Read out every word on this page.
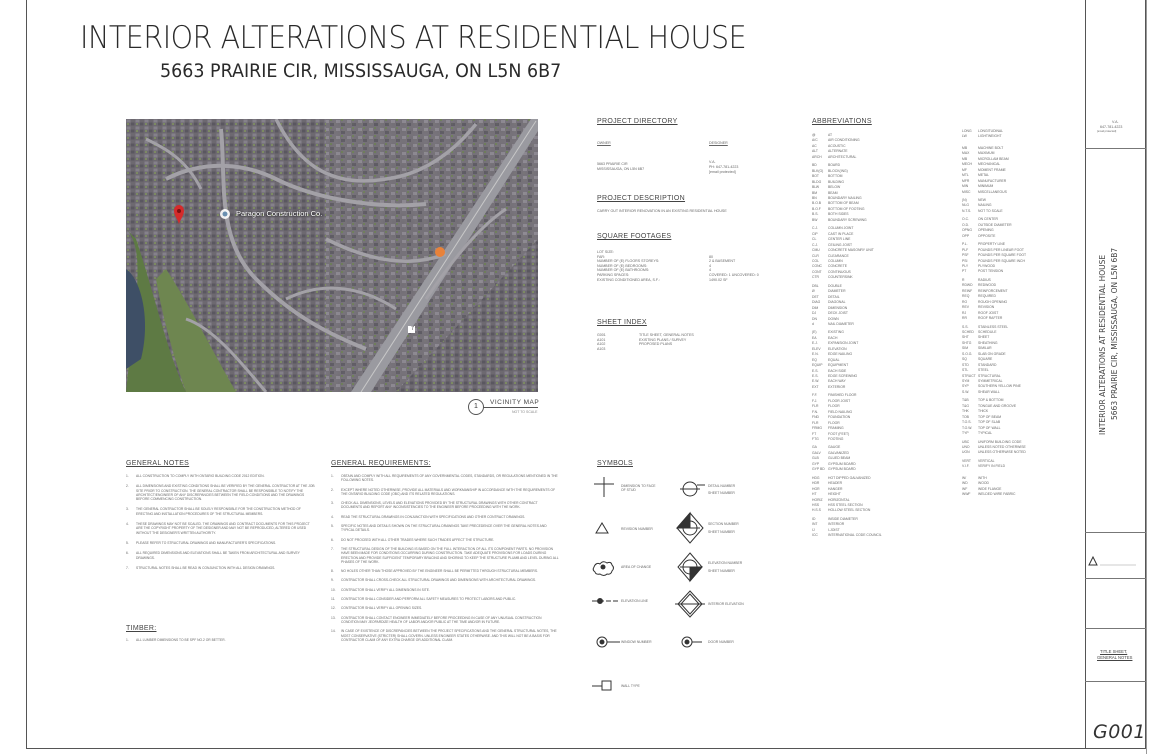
INTERIOR ALTERATIONS AT RESIDENTIAL HOUSE
5663 PRAIRIE CIR, MISSISSAUGA, ON L5N 6B7
Paragon Construction Co.
7
1
VICINITY MAP
NOT TO SCALE
PROJECT DIRECTORY
OWNER	DESIGNER
5663 PRAIRIE CIR
MISSISSAUGA, ON L5N 6B7
V.A.
PH: 647-781-4223
[email protected]
PROJECT DESCRIPTION
CARRY OUT INTERIOR RENOVATION IN AN EXISTING RESIDENTIAL HOUSE
SQUARE FOOTAGES
LOT SIZE:
FAR:	80
NUMBER OF (E) FLOORS STOREYS:	2 & BASEMENT
NUMBER OF (E) BEDROOMS:	4
NUMBER OF (E) BATHROOMS:	4
PARKING SPACES:	COVERED: 1 UNCOVERED: 0
EXISTING CONDITIONED AREA, S.F.:	1490.02 SF
SHEET INDEX
G001	TITLE SHEET, GENERAL NOTES
A101	EXISTING PLANS / SURVEY
A102	PROPOSED PLANS
A103
ABBREVIATIONS
@	AT
A/C	AIR CONDITIONING
AC	ACOUSTIC
ALT	ALTERNATE
ARCH	ARCHITECTURAL
BD	BOARD
BLK(G)	BLOCK(ING)
BOT	BOTTOM
BLDG	BUILDING
BLW	BELOW
BM	BEAM
BN	BOUNDARY NAILING
B.O.B	BOTTOM OF BEAM
B.O.F	BOTTOM OF FOOTING
B.S.	BOTH SIDES
BW	BOUNDARY SCREWING
C.J.	COLUMN JOINT
CIP	CAST IN PLACE
CL	CENTER LINE
C.J.	CEILING JOIST
CMU	CONCRETE MASONRY UNIT
CLR	CLEARANCE
COL	COLUMN
CONC	CONCRETE
CONT	CONTINUOUS
CTR	COUNTERSINK
DBL	DOUBLE
Ø	DIAMETER
DET	DETAIL
DIAG	DIAGONAL
DIM	DIMENSION
DJ	DECK JOIST
DN	DOWN
d	NAIL DIAMETER
(E)	EXISTING
EA	EACH
E.J.	EXPANSION JOINT
ELEV	ELEVATION
E.N.	EDGE NAILING
EQ	EQUAL
EQUIP	EQUIPMENT
E.S.	EACH SIDE
E.S.	EDGE SCREWING
E.W.	EACH WAY
EXT	EXTERIOR
F.F.	FINISHED FLOOR
F.J.	FLOOR JOIST
FLR	FLOOR
F.N.	FIELD NAILING
FND	FOUNDATION
FLR	FLOOR
FRMG	FRAMING
FT	FOOT (FEET)
FTG	FOOTING
GA	GAUGE
GALV	GALVANIZED
GLB	GLUED BEAM
GYP	GYPSUM BOARD
GYP BD GYPSUM BOARD
HDG	HOT DIPPED GALVANIZED
HDR	HEADER
HGR	HANGER
HT	HEIGHT
HORIZ	HORIZONTAL
HSS	HSS STEEL SECTION
H.S.S	HOLLOW STEEL SECTION
ID	INSIDE DIAMETER
INT	INTERIOR
IJ	I-JOIST
ICC	INTERNATIONAL CODE COUNCIL
LONG	LONGITUDINAL
LW	LIGHTWEIGHT
MB	MACHINE BOLT
MAX	MAXIMUM
MB	MICROLLAM BEAM
MECH	MECHANICAL
MF	MOMENT FRAME
MTL	METAL
MFR	MANUFACTURER
MIN	MINIMUM
MISC	MISCELLANEOUS
(N)	NEW
NLG	NAILING
N.T.S.	NOT TO SCALE
O.C.	ON CENTER
O.D.	OUTSIDE DIAMETER
OPNG	OPENING
OPP	OPPOSITE
P.L.	PROPERTY LINE
PLF	POUNDS PER LINEAR FOOT
PSF	POUNDS PER SQUARE FOOT
PSI	POUNDS PER SQUARE INCH
PLY	PLYWOOD
PT	POST TENSION
R	RADIUS
RDWD	REDWOOD
REINF	REINFORCEMENT
REQ	REQUIRED
RO	ROUGH OPENING
REV	REVISION
RJ	ROOF JOIST
RR	ROOF RAFTER
S.S.	STAINLESS STEEL
SCHED	SCHEDULE
SHT	SHEET
SHTG	SHEATHING
SIM	SIMILAR
S.O.G.	SLAB ON GRADE
SQ	SQUARE
STD	STANDARD
STL	STEEL
STRUCT STRUCTURAL
SYM	SYMMETRICAL
SYP	SOUTHERN YELLOW PINE
S.W.	SHEAR WALL
T&B	TOP & BOTTOM
T&G	TONGUE AND GROOVE
THK	THICK
TOB	TOP OF BEAM
T.O.S.	TOP OF SLAB
T.O.W.	TOP OF WALL
TYP	TYPICAL
UBC	UNIFORM BUILDING CODE
UNO	UNLESS NOTED OTHERWISE
UON	UNLESS OTHERWISE NOTED
VERT	VERTICAL
V.I.F.	VERIFY IN FIELD
W/	WITH
WD	WOOD
WF	WIDE FLANGE
WWF	WELDED WIRE FABRIC
GENERAL NOTES
1. ALL CONSTRUCTION TO COMPLY WITH ONTARIO BUILDING CODE 2012 EDITION.
2. ALL DIMENSIONS AND EXISTING CONDITIONS SHALL BE VERIFIED BY THE GENERAL CONTRACTOR AT THE JOB SITE PRIOR TO CONSTRUCTION. THE GENERAL CONTRACTOR SHALL BE RESPONSIBLE TO NOTIFY THE ARCHITECT/ENGINEER OF ANY DISCREPANCIES BETWEEN THE FIELD CONDITIONS AND THE DRAWINGS BEFORE COMMENCING CONSTRUCTION.
3. THE GENERAL CONTRACTOR SHALL BE SOLELY RESPONSIBLE FOR THE CONSTRUCTION METHOD OF ERECTING AND INSTALLATION PROCEDURES OF THE STRUCTURAL MEMBERS.
4. THESE DRAWINGS MAY NOT BE SCALED. THE DRAWINGS AND CONTRACT DOCUMENTS FOR THIS PROJECT ARE THE COPYRIGHT PROPERTY OF THE DESIGNER AND MAY NOT BE REPRODUCED, ALTERED OR USED WITHOUT THE DESIGNER'S WRITTEN AUTHORITY.
5. PLEASE REFER TO STRUCTURAL DRAWINGS AND MANUFACTURER'S SPECIFICATIONS.
6. ALL REQUIRED DIMENSIONS AND ELEVATIONS SHALL BE TAKEN FROM ARCHITECTURAL AND SURVEY DRAWINGS.
7. STRUCTURAL NOTES SHALL BE READ IN CONJUNCTION WITH ALL DESIGN DRAWINGS.
TIMBER:
1. ALL LUMBER DIMENSIONS TO BE SPF NO.2 OR BETTER.
GENERAL REQUIREMENTS:
1. OBTAIN AND COMPLY WITH ALL REQUIREMENTS OF ANY GOVERNMENTAL CODES, STANDARDS, OR REGULATIONS MENTIONED IN THE FOLLOWING NOTES.
2. EXCEPT WHERE NOTED OTHERWISE, PROVIDE ALL MATERIALS AND WORKMANSHIP IN ACCORDANCE WITH THE REQUIREMENTS OF THE ONTARIO BUILDING CODE (OBC) AND ITS RELATED REGULATIONS.
3. CHECK ALL DIMENSIONS, LEVELS AND ELEVATIONS PROVIDED BY THE STRUCTURAL DRAWINGS WITH OTHER CONTRACT DOCUMENTS AND REPORT ANY INCONSISTENCIES TO THE ENGINEER BEFORE PROCEEDING WITH THE WORK.
4. READ THE STRUCTURAL DRAWINGS IN CONJUNCTION WITH SPECIFICATIONS AND OTHER CONTRACT DRAWINGS.
5. SPECIFIC NOTES AND DETAILS SHOWN ON THE STRUCTURAL DRAWINGS TAKE PRECEDENCE OVER THE GENERAL NOTES AND TYPICAL DETAILS.
6. DO NOT PROCEED WITH ALL OTHER TRADES WHERE SUCH TRADES AFFECT THE STRUCTURE.
7. THE STRUCTURAL DESIGN OF THE BUILDING IS BASED ON THE FULL INTERACTION OF ALL ITS COMPONENT PARTS. NO PROVISION HAVE BEEN MADE FOR CONDITIONS OCCURRING DURING CONSTRUCTION. TAKE ADEQUATE PROVISIONS FOR LOADS DURING ERECTION AND PROVIDE SUFFICIENT TEMPORARY BRACING AND SHORING TO KEEP THE STRUCTURE PLUMB AND LEVEL DURING ALL PHASES OF THE WORK.
8. NO HOLES OTHER THAN THOSE APPROVED BY THE ENGINEER SHALL BE PERMITTED THROUGH STRUCTURAL MEMBERS.
9. CONTRACTOR SHALL CROSS-CHECK ALL STRUCTURAL DRAWINGS AND DIMENSIONS WITH ARCHITECTURAL DRAWINGS.
10. CONTRACTOR SHALL VERIFY ALL DIMENSIONS IN SITE.
11. CONTRACTOR SHALL CONSIDER AND PERFORM ALL SAFETY MEASURES TO PROTECT LABORS AND PUBLIC.
12. CONTRACTOR SHALL VERIFY ALL OPENING SIZES.
13. CONTRACTOR SHALL CONTACT ENGINEER IMMEDIATELY BEFORE PROCEEDING IN CASE OF ANY UNUSUAL CONSTRUCTION CONDITION MAY JEOPARDIZE HEALTH OF LABOR AND/OR PUBLIC AT THE TIME AND/OR IN FUTURE.
14. IN CASE OF EXISTENCE OF DISCREPANCIES BETWEEN THE PROJECT SPECIFICATIONS AND THE GENERAL STRUCTURAL NOTES, THE MOST CONSERVATIVE (STRICTER) SHALL GOVERN. UNLESS ENGINEER STATES OTHERWISE. AND THIS WILL NOT BE A BASIS FOR CONTRACTOR CLAIM OF ANY EXTRA CHARGE OR ADDITIONAL CLAIM.
SYMBOLS
DIMENSION TO FACE OF STUD
DETAIL NUMBER
SHEET NUMBER
REVISION NUMBER
SECTION NUMBER
SHEET NUMBER
AREA OF CHANGE
ELEVATION NUMBER
SHEET NUMBER
ELEVATION LINE
INTERIOR ELEVATION
WINDOW NUMBER	DOOR NUMBER
WALL TYPE
V.A.
647-781-4223
[email protected]
INTERIOR ALTERATIONS AT RESIDENTIAL HOUSE 5663 PRAIRIE CIR, MISSISSAUGA, ON L5N 6B7
TITLE SHEET,
GENERAL NOTES
G001
